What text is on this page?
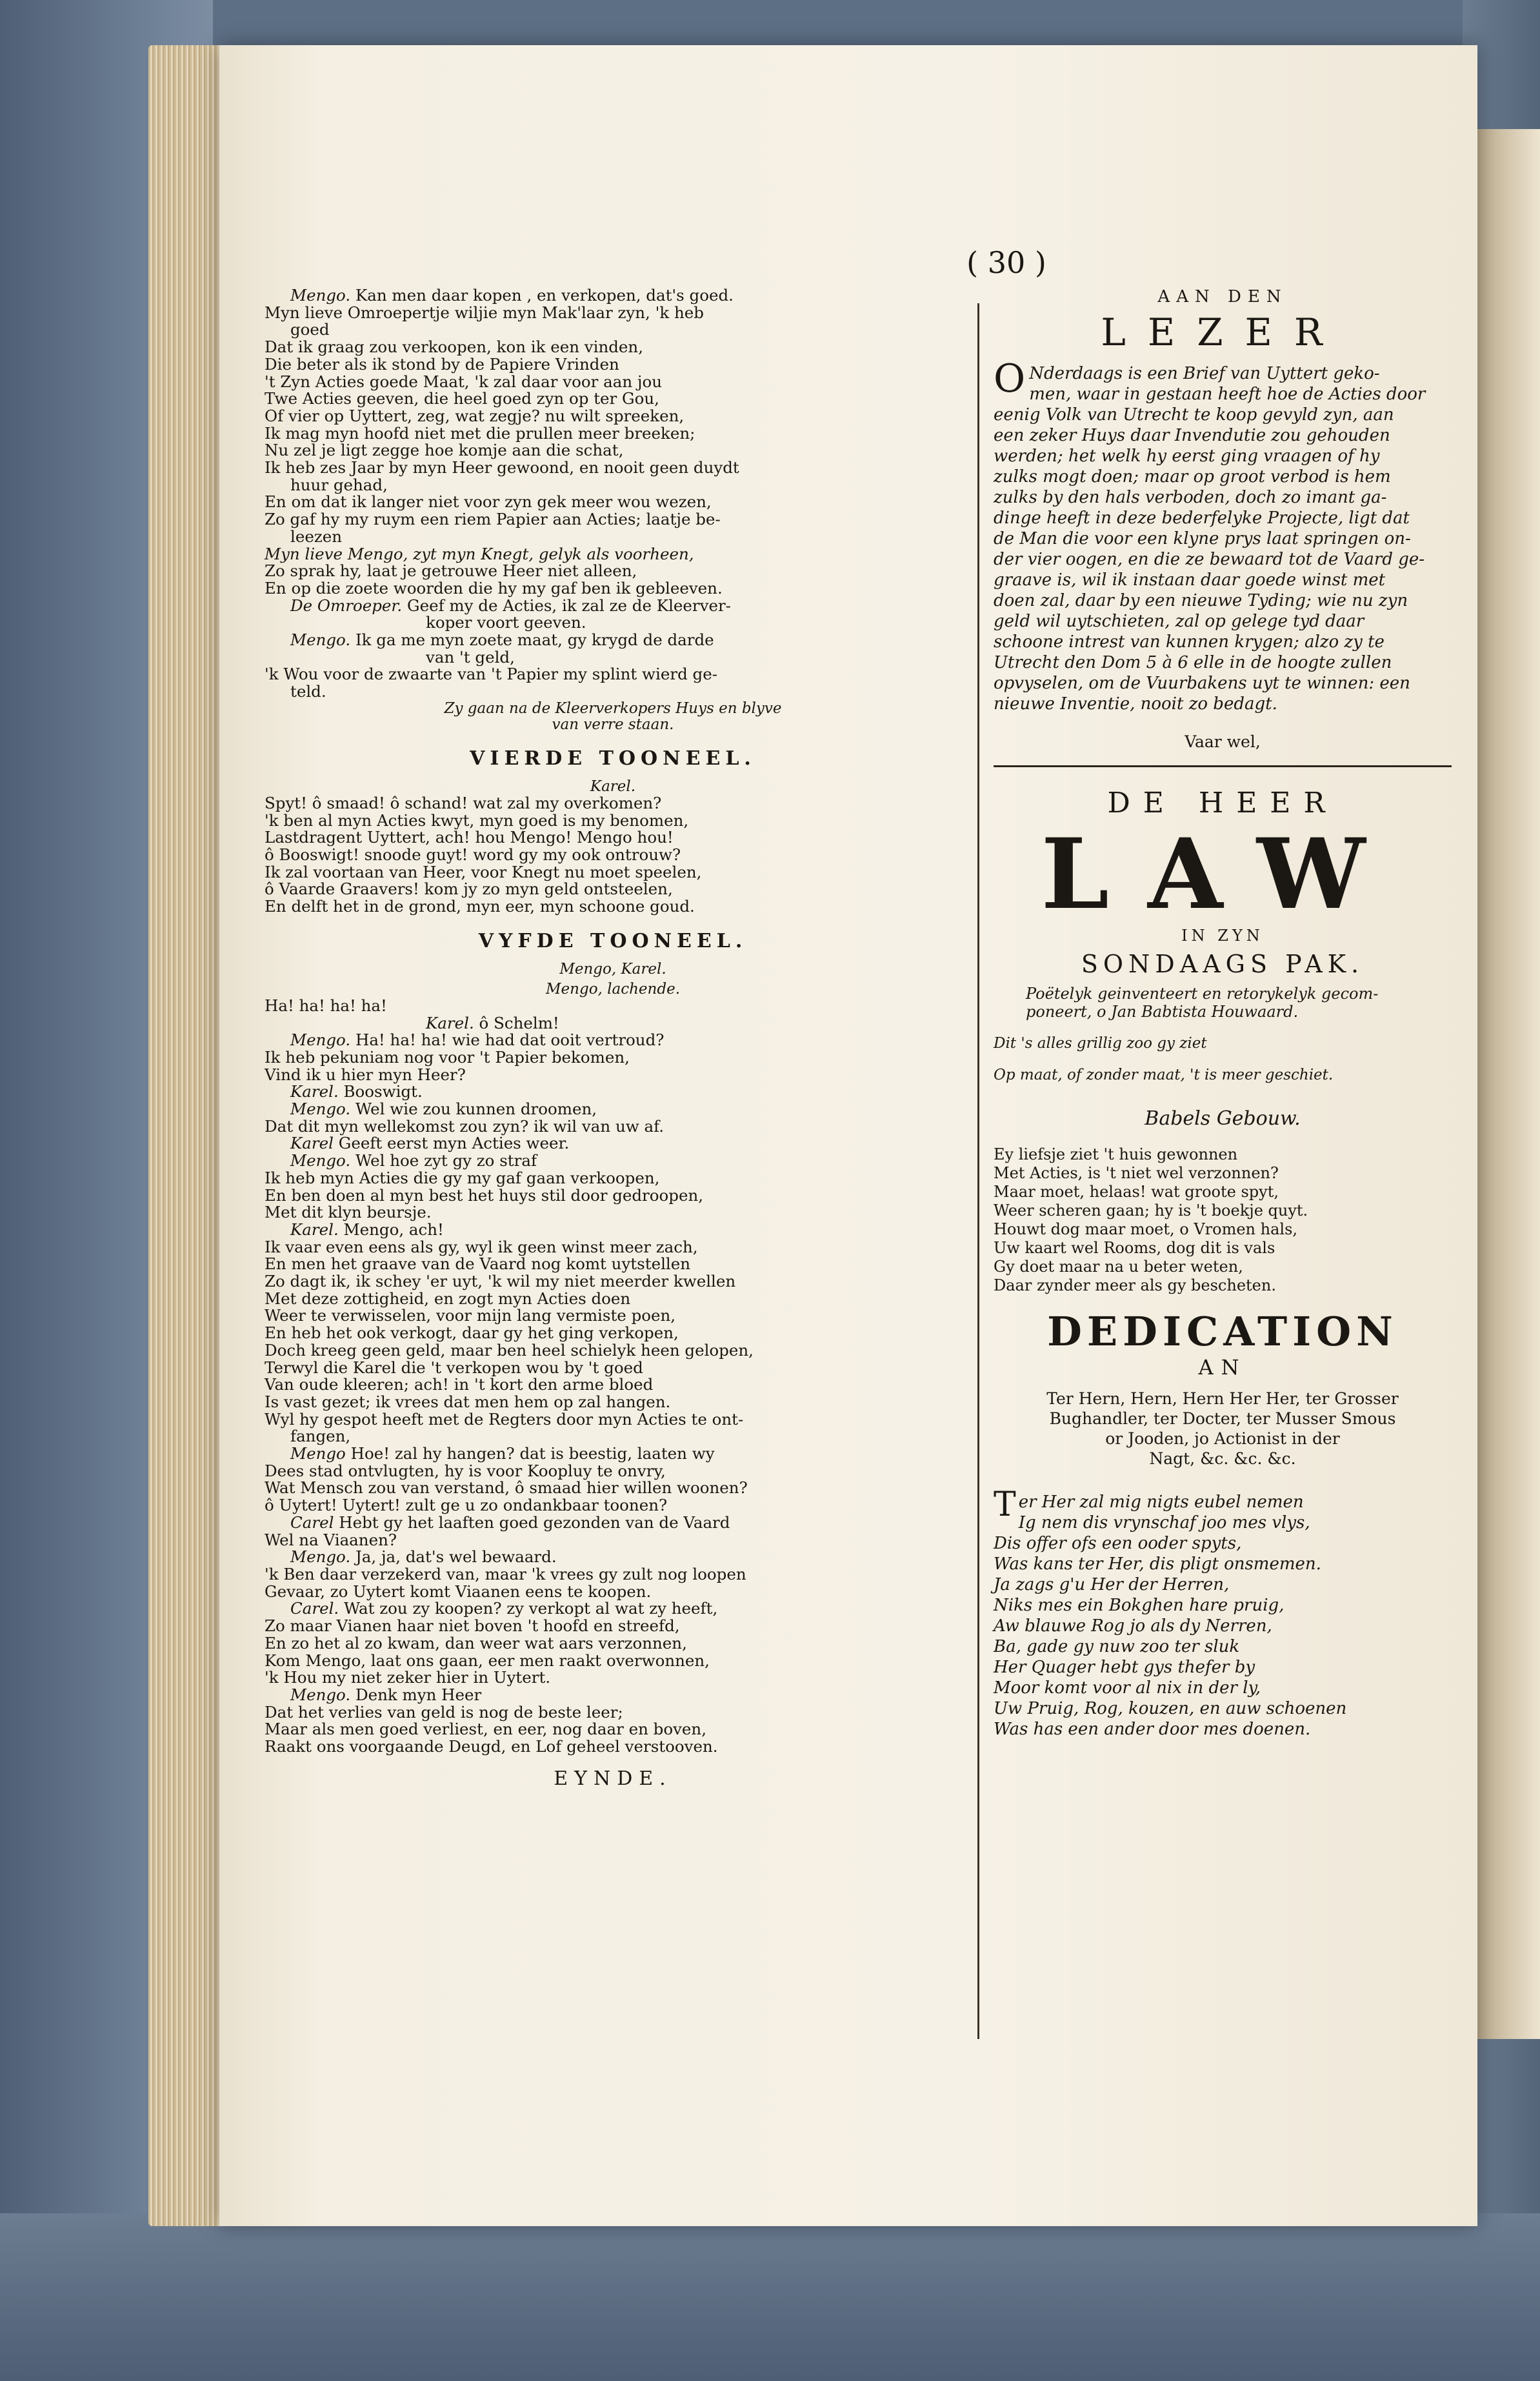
( 30 )
Mengo. Kan men daar kopen , en verkopen, dat's goed.
Myn lieve Omroepertje wiljie myn Mak'laar zyn, 'k heb
goed
Dat ik graag zou verkoopen, kon ik een vinden,
Die beter als ik stond by de Papiere Vrinden
't Zyn Acties goede Maat, 'k zal daar voor aan jou
Twe Acties geeven, die heel goed zyn op ter Gou,
Of vier op Uyttert, zeg, wat zegje? nu wilt spreeken,
Ik mag myn hoofd niet met die prullen meer breeken;
Nu zel je ligt zegge hoe komje aan die schat,
Ik heb zes Jaar by myn Heer gewoond, en nooit geen duydt
huur gehad,
En om dat ik langer niet voor zyn gek meer wou wezen,
Zo gaf hy my ruym een riem Papier aan Acties; laatje be-
leezen
Myn lieve Mengo, zyt myn Knegt, gelyk als voorheen,
Zo sprak hy, laat je getrouwe Heer niet alleen,
En op die zoete woorden die hy my gaf ben ik gebleeven.
De Omroeper. Geef my de Acties, ik zal ze de Kleerver-
koper voort geeven.
Mengo. Ik ga me myn zoete maat, gy krygd de darde
van 't geld,
'k Wou voor de zwaarte van 't Papier my splint wierd ge-
teld.
Zy gaan na de Kleerverkopers Huys en blyve
van verre staan.
VIERDE TOONEEL.
Karel.
Spyt! ô smaad! ô schand! wat zal my overkomen?
'k ben al myn Acties kwyt, myn goed is my benomen,
Lastdragent Uyttert, ach! hou Mengo! Mengo hou!
ô Booswigt! snoode guyt! word gy my ook ontrouw?
Ik zal voortaan van Heer, voor Knegt nu moet speelen,
ô Vaarde Graavers! kom jy zo myn geld ontsteelen,
En delft het in de grond, myn eer, myn schoone goud.
VYFDE TOONEEL.
Mengo, Karel.
Mengo, lachende.
Ha! ha! ha! ha!
Karel. ô Schelm!
Mengo. Ha! ha! ha! wie had dat ooit vertroud?
Ik heb pekuniam nog voor 't Papier bekomen,
Vind ik u hier myn Heer?
Karel. Booswigt.
Mengo. Wel wie zou kunnen droomen,
Dat dit myn wellekomst zou zyn? ik wil van uw af.
Karel Geeft eerst myn Acties weer.
Mengo. Wel hoe zyt gy zo straf
Ik heb myn Acties die gy my gaf gaan verkoopen,
En ben doen al myn best het huys stil door gedroopen,
Met dit klyn beursje.
Karel. Mengo, ach!
Ik vaar even eens als gy, wyl ik geen winst meer zach,
En men het graave van de Vaard nog komt uytstellen
Zo dagt ik, ik schey 'er uyt, 'k wil my niet meerder kwellen
Met deze zottigheid, en zogt myn Acties doen
Weer te verwisselen, voor mijn lang vermiste poen,
En heb het ook verkogt, daar gy het ging verkopen,
Doch kreeg geen geld, maar ben heel schielyk heen gelopen,
Terwyl die Karel die 't verkopen wou by 't goed
Van oude kleeren; ach! in 't kort den arme bloed
Is vast gezet; ik vrees dat men hem op zal hangen.
Wyl hy gespot heeft met de Regters door myn Acties te ont-
fangen,
Mengo Hoe! zal hy hangen? dat is beestig, laaten wy
Dees stad ontvlugten, hy is voor Koopluy te onvry,
Wat Mensch zou van verstand, ô smaad hier willen woonen?
ô Uytert! Uytert! zult ge u zo ondankbaar toonen?
Carel Hebt gy het laaften goed gezonden van de Vaard
Wel na Viaanen?
Mengo. Ja, ja, dat's wel bewaard.
'k Ben daar verzekerd van, maar 'k vrees gy zult nog loopen
Gevaar, zo Uytert komt Viaanen eens te koopen.
Carel. Wat zou zy koopen? zy verkopt al wat zy heeft,
Zo maar Vianen haar niet boven 't hoofd en streefd,
En zo het al zo kwam, dan weer wat aars verzonnen,
Kom Mengo, laat ons gaan, eer men raakt overwonnen,
'k Hou my niet zeker hier in Uytert.
Mengo. Denk myn Heer
Dat het verlies van geld is nog de beste leer;
Maar als men goed verliest, en eer, nog daar en boven,
Raakt ons voorgaande Deugd, en Lof geheel verstooven.
EYNDE.
AAN DEN
LEZER
O Nderdaags is een Brief van Uyttert geko-
men, waar in gestaan heeft hoe de Acties door
eenig Volk van Utrecht te koop gevyld zyn, aan
een zeker Huys daar Invendutie zou gehouden
werden; het welk hy eerst ging vraagen of hy
zulks mogt doen; maar op groot verbod is hem
zulks by den hals verboden, doch zo imant ga-
dinge heeft in deze bederfelyke Projecte, ligt dat
de Man die voor een klyne prys laat springen on-
der vier oogen, en die ze bewaard tot de Vaard ge-
graave is, wil ik instaan daar goede winst met
doen zal, daar by een nieuwe Tyding; wie nu zyn
geld wil uytschieten, zal op gelege tyd daar
schoone intrest van kunnen krygen; alzo zy te
Utrecht den Dom 5 à 6 elle in de hoogte zullen
opvyselen, om de Vuurbakens uyt te winnen: een
nieuwe Inventie, nooit zo bedagt.
Vaar wel,
DE HEER
LAW
IN ZYN
SONDAAGS PAK.
Poëtelyk geinventeert en retorykelyk gecom-
poneert, o Jan Babtista Houwaard.
Dit 's alles grillig zoo gy ziet
Op maat, of zonder maat, 't is meer geschiet.
Babels Gebouw.
Ey liefsje ziet 't huis gewonnen
Met Acties, is 't niet wel verzonnen?
Maar moet, helaas! wat groote spyt,
Weer scheren gaan; hy is 't boekje quyt.
Houwt dog maar moet, o Vromen hals,
Uw kaart wel Rooms, dog dit is vals
Gy doet maar na u beter weten,
Daar zynder meer als gy bescheten.
DEDICATION
AN
Ter Hern, Hern, Hern Her Her, ter Grosser
Bughandler, ter Docter, ter Musser Smous
or Jooden, jo Actionist in der
Nagt, &c. &c. &c.
T er Her zal mig nigts eubel nemen
Ig nem dis vrynschaf joo mes vlys,
Dis offer ofs een ooder spyts,
Was kans ter Her, dis pligt onsmemen.
Ja zags g'u Her der Herren,
Niks mes ein Bokghen hare pruig,
Aw blauwe Rog jo als dy Nerren,
Ba, gade gy nuw zoo ter sluk
Her Quager hebt gys thefer by
Moor komt voor al nix in der ly,
Uw Pruig, Rog, kouzen, en auw schoenen
Was has een ander door mes doenen.
